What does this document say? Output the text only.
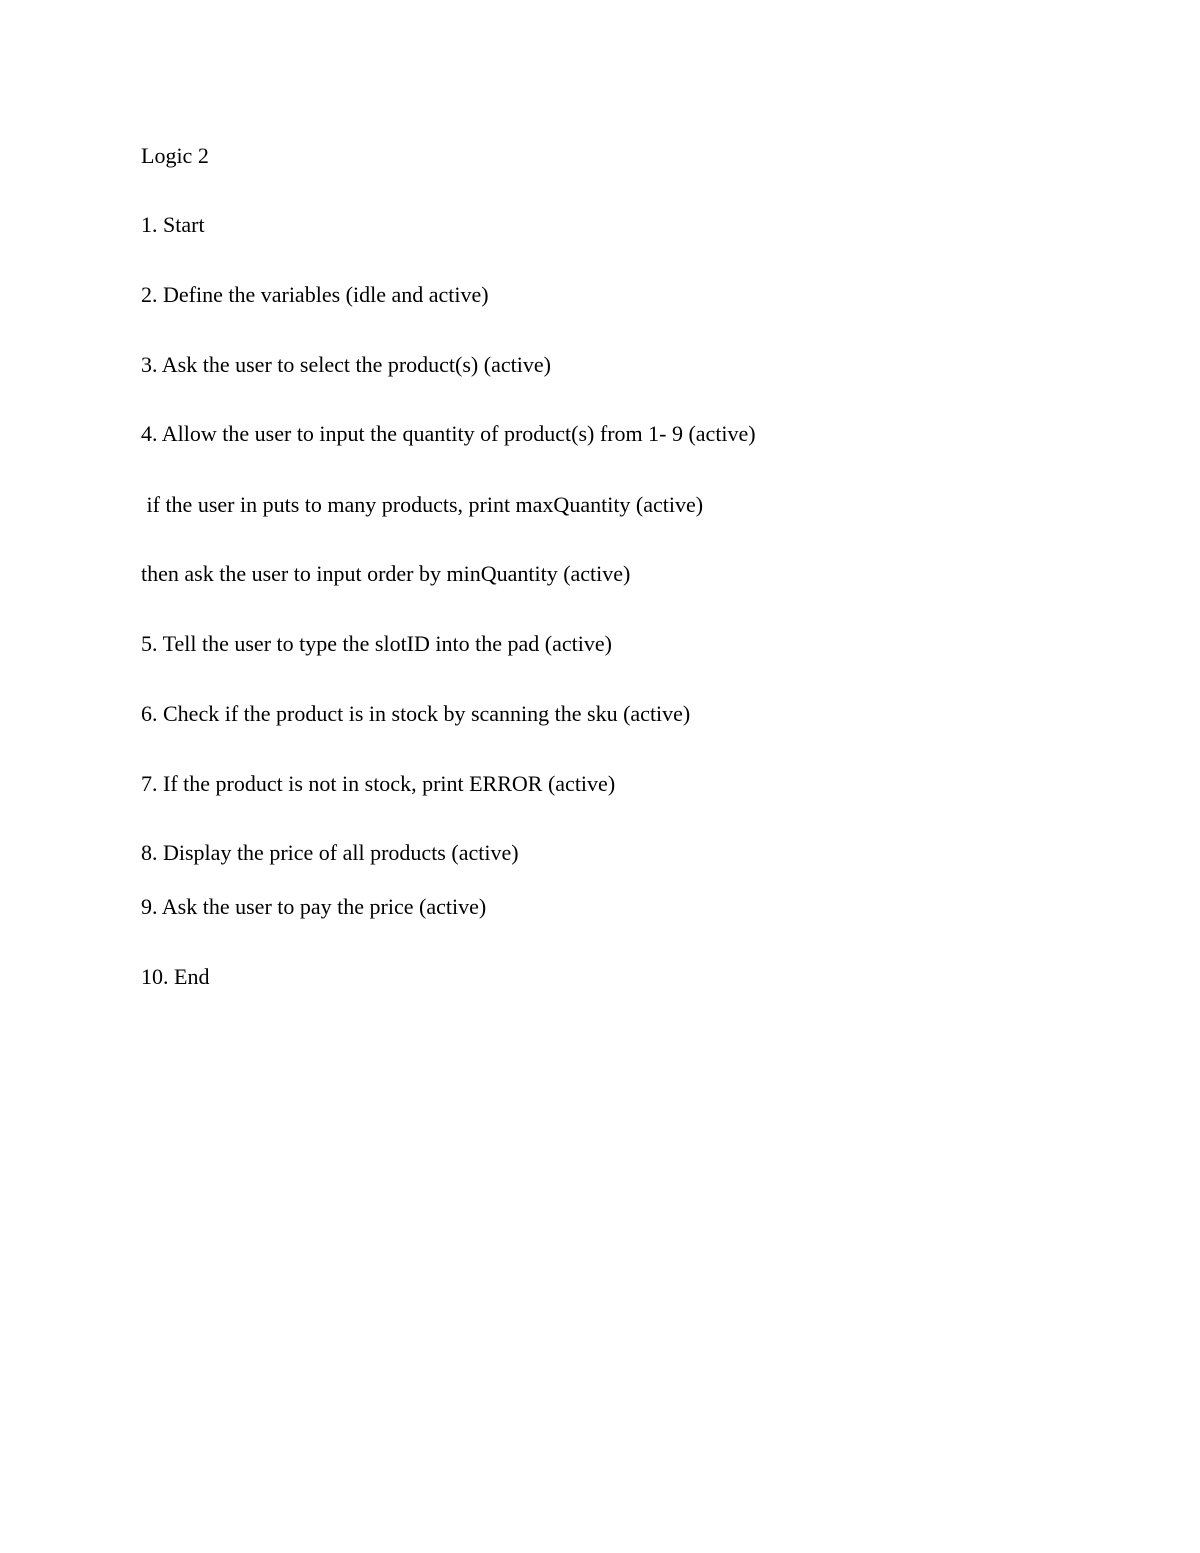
Logic 2

1. Start

2. Define the variables (idle and active)

3. Ask the user to select the product(s) (active)

4. Allow the user to input the quantity of product(s) from 1- 9 (active)

if the user in puts to many products, print maxQuantity (active)

then ask the user to input order by minQuantity (active)

5. Tell the user to type the slotID into the pad (active)

6. Check if the product is in stock by scanning the sku (active)

7. If the product is not in stock, print ERROR (active)

8. Display the price of all products (active)

9. Ask the user to pay the price (active)

10. End
